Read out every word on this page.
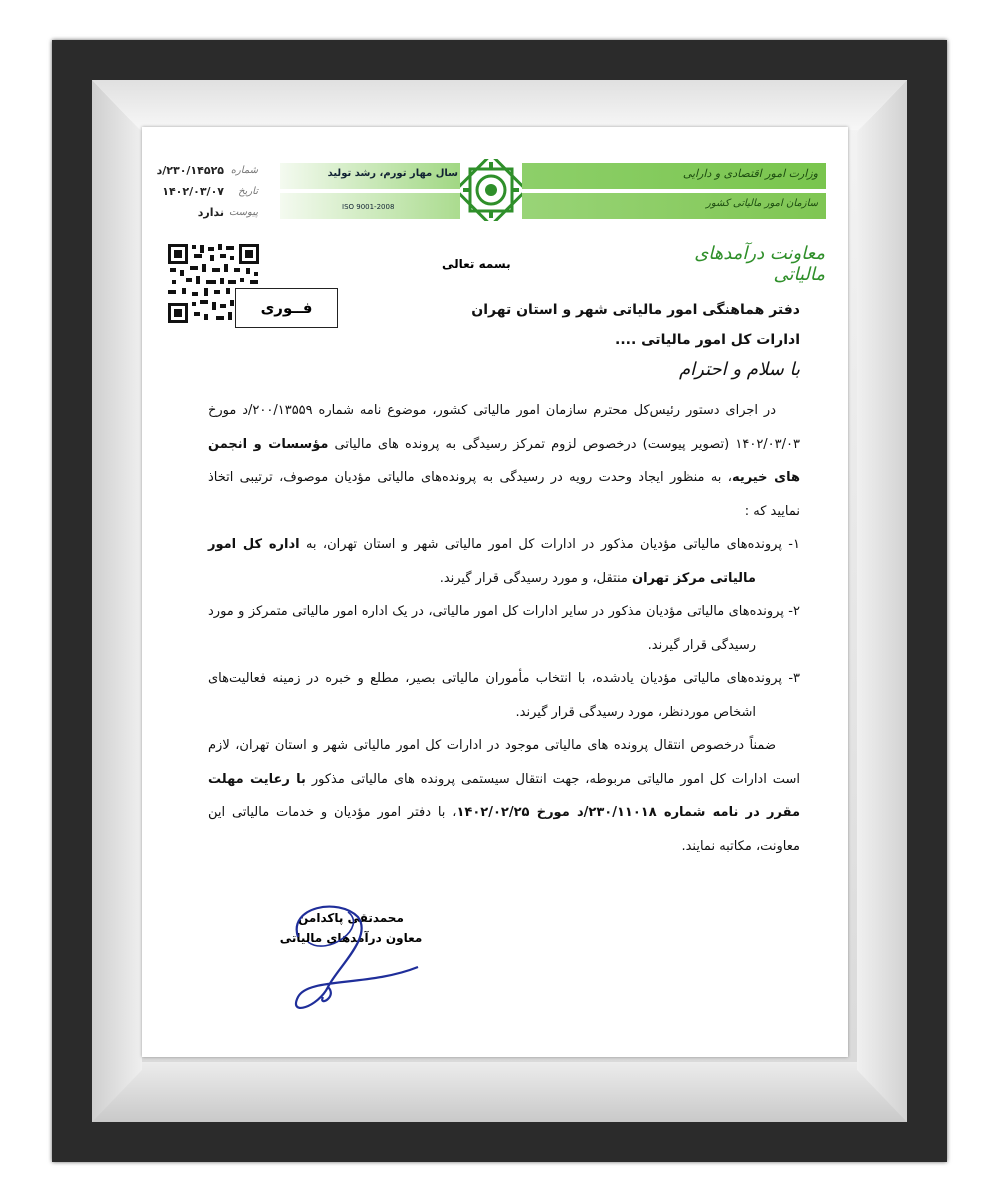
شماره
تاریخ
پیوست
۲۳۰/۱۴۵۲۵/د
۱۴۰۲/۰۳/۰۷
ندارد
سال مهار تورم، رشد تولید
ISO 9001-2008
وزارت امور اقتصادی و دارایی
سازمان امور مالیاتی کشور
معاونت درآمدهای مالیاتی
فــوری
بسمه تعالی
دفتر هماهنگی امور مالیاتی شهر و استان تهران
ادارات کل امور مالیاتی ....
با سلام و احترام

در اجرای دستور رئیس‌کل محترم سازمان امور مالیاتی کشور، موضوع نامه شماره ۲۰۰/۱۳۵۵۹/د مورخ ۱۴۰۲/۰۳/۰۳ (تصویر پیوست) درخصوص لزوم تمرکز رسیدگی به پرونده های مالیاتی مؤسسات و انجمن های خیریه، به منظور ایجاد وحدت رویه در رسیدگی به پرونده‌های مالیاتی مؤدیان موصوف، ترتیبی اتخاذ نمایید که :

۱- پرونده‌های مالیاتی مؤدیان مذکور در ادارات کل امور مالیاتی شهر و استان تهران، به اداره کل امور مالیاتی مرکز تهران منتقل، و مورد رسیدگی قرار گیرند.

۲- پرونده‌های مالیاتی مؤدیان مذکور در سایر ادارات کل امور مالیاتی، در یک اداره امور مالیاتی متمرکز و مورد رسیدگی قرار گیرند.

۳- پرونده‌های مالیاتی مؤدیان یادشده، با انتخاب مأموران مالیاتی بصیر، مطلع و خبره در زمینه فعالیت‌های اشخاص موردنظر، مورد رسیدگی قرار گیرند.

ضمناً درخصوص انتقال پرونده های مالیاتی موجود در ادارات کل امور مالیاتی شهر و استان تهران، لازم است ادارات کل امور مالیاتی مربوطه، جهت انتقال سیستمی پرونده های مالیاتی مذکور با رعایت مهلت مقرر در نامه شماره ۲۳۰/۱۱۰۱۸/د مورخ ۱۴۰۲/۰۲/۲۵، با دفتر امور مؤدیان و خدمات مالیاتی این معاونت، مکاتبه نمایند.

محمدتقی پاکدامن
معاون درآمدهای مالیاتی
